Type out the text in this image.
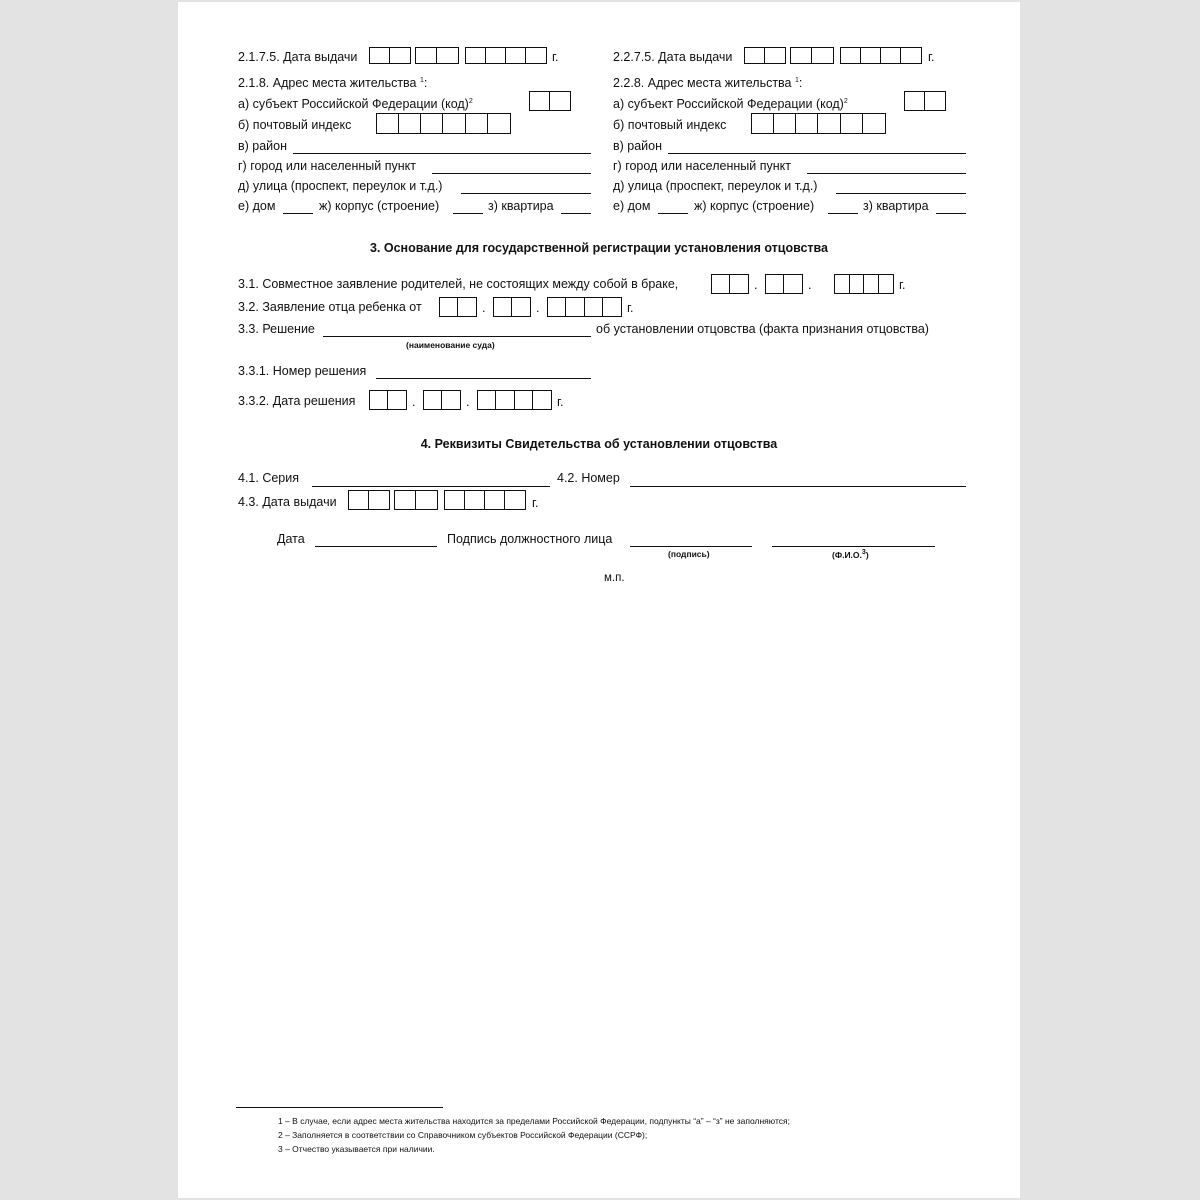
2.1.7.5. Дата выдачи	г.
2.1.8. Адрес места жительства $^1$:
а) субъект Российской Федерации (код)$^2$
б) почтовый индекс
в) район
г) город или населенный пункт
д) улица (проспект, переулок и т.д.)
е) дом	ж) корпус (строение)	з) квартира
2.2.7.5. Дата выдачи	г.
2.2.8. Адрес места жительства $^1$:
а) субъект Российской Федерации (код)$^2$
б) почтовый индекс
в) район
г) город или населенный пункт
д) улица (проспект, переулок и т.д.)
е) дом	ж) корпус (строение)	з) квартира
3. Основание для государственной регистрации установления отцовства
3.1. Совместное заявление родителей, не состоящих между собой в браке,	.	.	г.
3.2. Заявление отца ребенка от	.	.	г.
3.3. Решение	об установлении отцовства (факта признания отцовства)
(наименование суда)
3.3.1. Номер решения
3.3.2. Дата решения	.	.	г.
4. Реквизиты Свидетельства об установлении отцовства
4.1. Серия	4.2. Номер
4.3. Дата выдачи	г.
Дата	Подпись должностного лица
(подпись)	(Ф.И.О.$^3$)
м.п.
1 – В случае, если адрес места жительства находится за пределами Российской Федерации, подпункты “а” – “з” не заполняются;
2 – Заполняется в соответствии со Справочником субъектов Российской Федерации (ССРФ);
3 – Отчество указывается при наличии.
